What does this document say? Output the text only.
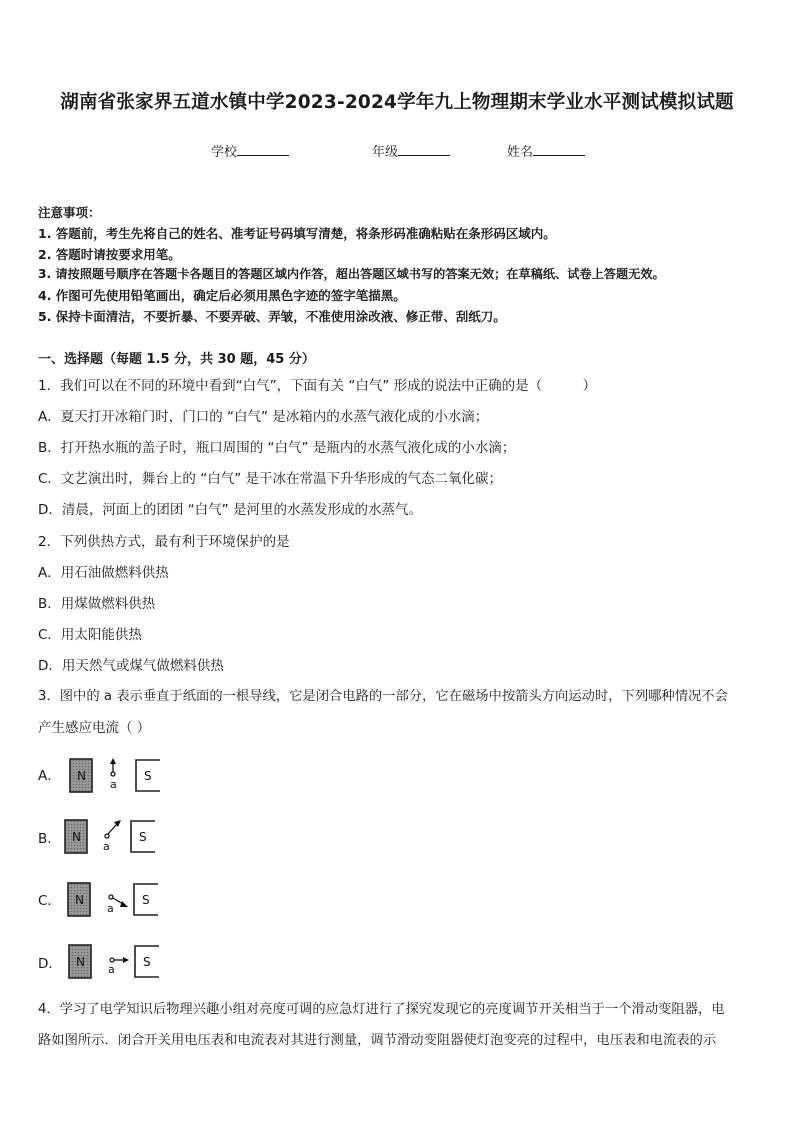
湖南省张家界五道水镇中学2023-2024学年九上物理期末学业水平测试模拟试题
学校	年级	姓名
注意事项：
1. 答题前，考生先将自己的姓名、准考证号码填写清楚，将条形码准确粘贴在条形码区域内。
2. 答题时请按要求用笔。
3. 请按照题号顺序在答题卡各题目的答题区域内作答，超出答题区域书写的答案无效；在草稿纸、试卷上答题无效。
4. 作图可先使用铅笔画出，确定后必须用黑色字迹的签字笔描黑。
5. 保持卡面清洁，不要折暴、不要弄破、弄皱，不准使用涂改液、修正带、刮纸刀。
一、选择题（每题 1.5 分，共 30 题，45 分）
1．我们可以在不同的环境中看到“白气”，下面有关 “白气” 形成的说法中正确的是（　　　）
A．夏天打开冰箱门时，门口的 “白气” 是冰箱内的水蒸气液化成的小水滴；
B．打开热水瓶的盖子时，瓶口周围的 “白气” 是瓶内的水蒸气液化成的小水滴；
C．文艺演出时，舞台上的 “白气” 是干冰在常温下升华形成的气态二氧化碳；
D．清晨，河面上的团团 “白气” 是河里的水蒸发形成的水蒸气。
2．下列供热方式，最有利于环境保护的是
A．用石油做燃料供热
B．用煤做燃料供热
C．用太阳能供热
D．用天然气或煤气做燃料供热
3．图中的 a 表示垂直于纸面的一根导线，它是闭合电路的一部分，它在磁场中按箭头方向运动时，下列哪种情况不会
产生感应电流（ ）
A． N
a
S
B． N
a
S
C． N
a
S
D． N
a
S
4．学习了电学知识后物理兴趣小组对亮度可调的应急灯进行了探究发现它的亮度调节开关相当于一个滑动变阻器，电
路如图所示．闭合开关用电压表和电流表对其进行测量，调节滑动变阻器使灯泡变亮的过程中，电压表和电流表的示
